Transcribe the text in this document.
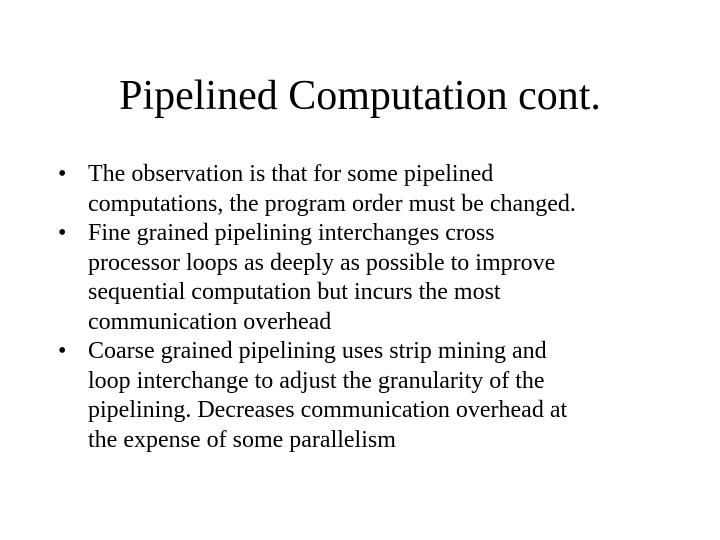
Pipelined Computation cont.
• The observation is that for some pipelined
computations, the program order must be changed.
• Fine grained pipelining interchanges cross
processor loops as deeply as possible to improve
sequential computation but incurs the most
communication overhead
• Coarse grained pipelining uses strip mining and
loop interchange to adjust the granularity of the
pipelining. Decreases communication overhead at
the expense of some parallelism
